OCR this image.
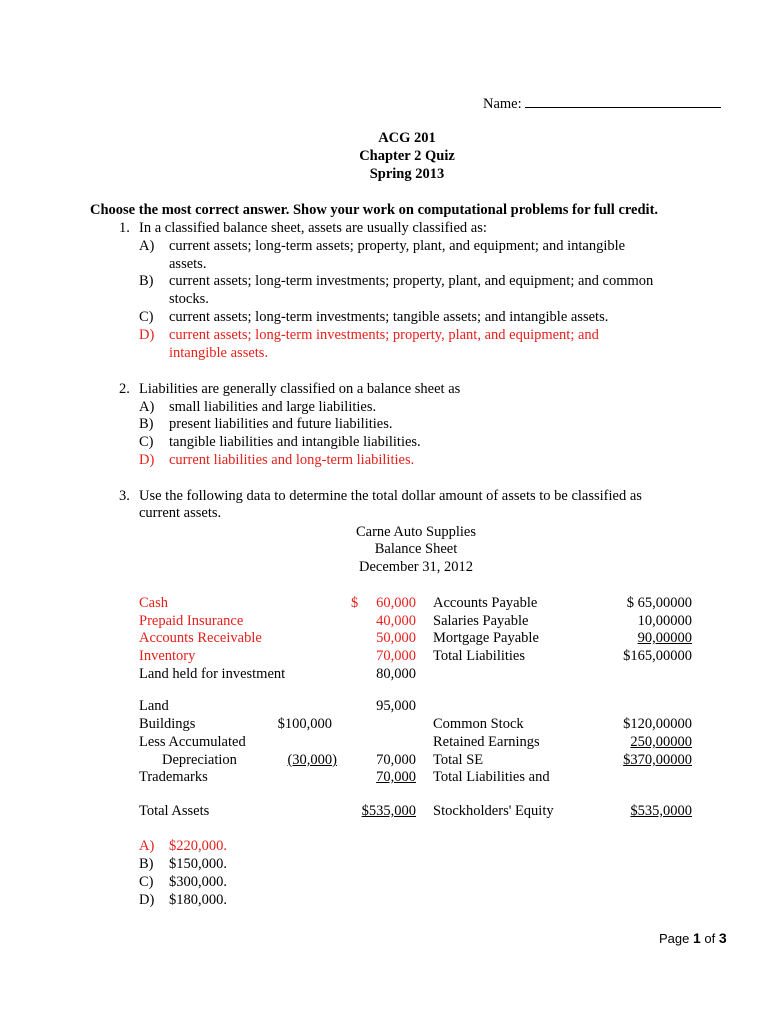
Name:
ACG 201
Chapter 2 Quiz
Spring 2013
Choose the most correct answer. Show your work on computational problems for full credit.
1. In a classified balance sheet, assets are usually classified as:
A) current assets; long-term assets; property, plant, and equipment; and intangible
assets.
B) current assets; long-term investments; property, plant, and equipment; and common
stocks.
C) current assets; long-term investments; tangible assets; and intangible assets.
D) current assets; long-term investments; property, plant, and equipment; and
intangible assets.
2. Liabilities are generally classified on a balance sheet as
A) small liabilities and large liabilities.
B) present liabilities and future liabilities.
C) tangible liabilities and intangible liabilities.
D) current liabilities and long-term liabilities.
3. Use the following data to determine the total dollar amount of assets to be classified as
current assets.
Carne Auto Supplies
Balance Sheet
December 31, 2012
Cash
Prepaid Insurance
Accounts Receivable
Inventory
Land held for investment
Land
Buildings
Less Accumulated
Depreciation
Trademarks
Total Assets
$100,000
(30,000)
$	60,000
40,000
50,000
70,000
80,000
95,000
70,000
70,000
$535,000
Accounts Payable
Salaries Payable
Mortgage Payable
Total Liabilities
Common Stock
Retained Earnings
Total SE
Total Liabilities and
Stockholders' Equity
$ 65,00000
10,00000
90,00000
$165,00000
$120,00000
250,00000
$370,00000
$535,0000
A) $220,000.
B) $150,000.
C) $300,000.
D) $180,000.
Page 1 of 3
